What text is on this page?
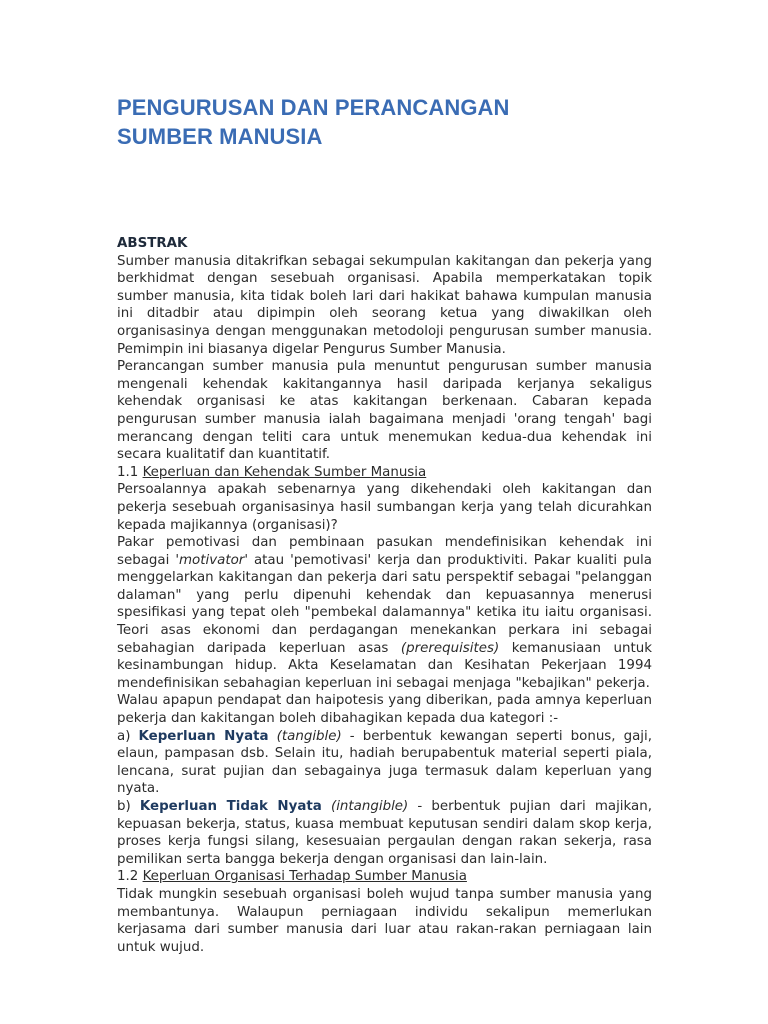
PENGURUSAN DAN PERANCANGAN
SUMBER MANUSIA

ABSTRAK

Sumber manusia ditakrifkan sebagai sekumpulan kakitangan dan pekerja yang berkhidmat dengan sesebuah organisasi. Apabila memperkatakan topik sumber manusia, kita tidak boleh lari dari hakikat bahawa kumpulan manusia ini ditadbir atau dipimpin oleh seorang ketua yang diwakilkan oleh organisasinya dengan menggunakan metodoloji pengurusan sumber manusia. Pemimpin ini biasanya digelar Pengurus Sumber Manusia.

Perancangan sumber manusia pula menuntut pengurusan sumber manusia mengenali kehendak kakitangannya hasil daripada kerjanya sekaligus kehendak organisasi ke atas kakitangan berkenaan. Cabaran kepada pengurusan sumber manusia ialah bagaimana menjadi 'orang tengah' bagi merancang dengan teliti cara untuk menemukan kedua-dua kehendak ini secara kualitatif dan kuantitatif.

1.1 Keperluan dan Kehendak Sumber Manusia

Persoalannya apakah sebenarnya yang dikehendaki oleh kakitangan dan pekerja sesebuah organisasinya hasil sumbangan kerja yang telah dicurahkan kepada majikannya (organisasi)?

Pakar pemotivasi dan pembinaan pasukan mendefinisikan kehendak ini sebagai 'motivator' atau 'pemotivasi' kerja dan produktiviti. Pakar kualiti pula menggelarkan kakitangan dan pekerja dari satu perspektif sebagai "pelanggan dalaman" yang perlu dipenuhi kehendak dan kepuasannya menerusi spesifikasi yang tepat oleh "pembekal dalamannya" ketika itu iaitu organisasi. Teori asas ekonomi dan perdagangan menekankan perkara ini sebagai sebahagian daripada keperluan asas (prerequisites) kemanusiaan untuk kesinambungan hidup. Akta Keselamatan dan Kesihatan Pekerjaan 1994 mendefinisikan sebahagian keperluan ini sebagai menjaga "kebajikan" pekerja.

Walau apapun pendapat dan haipotesis yang diberikan, pada amnya keperluan pekerja dan kakitangan boleh dibahagikan kepada dua kategori :-

a) Keperluan Nyata (tangible) - berbentuk kewangan seperti bonus, gaji, elaun, pampasan dsb. Selain itu, hadiah berupabentuk material seperti piala, lencana, surat pujian dan sebagainya juga termasuk dalam keperluan yang nyata.

b) Keperluan Tidak Nyata (intangible) - berbentuk pujian dari majikan, kepuasan bekerja, status, kuasa membuat keputusan sendiri dalam skop kerja, proses kerja fungsi silang, kesesuaian pergaulan dengan rakan sekerja, rasa pemilikan serta bangga bekerja dengan organisasi dan lain-lain.

1.2 Keperluan Organisasi Terhadap Sumber Manusia

Tidak mungkin sesebuah organisasi boleh wujud tanpa sumber manusia yang membantunya. Walaupun perniagaan individu sekalipun memerlukan kerjasama dari sumber manusia dari luar atau rakan-rakan perniagaan lain untuk wujud.
